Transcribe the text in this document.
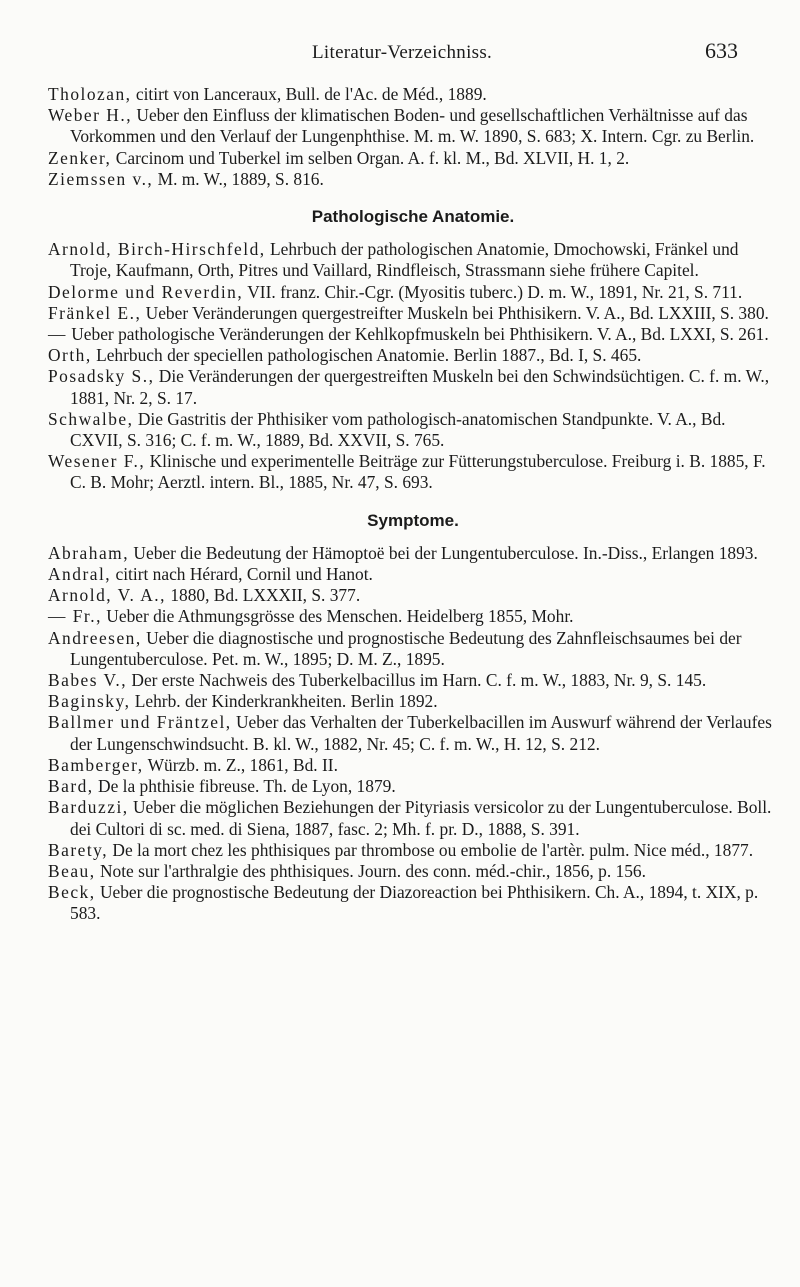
Literatur-Verzeichniss.	633

Tholozan, citirt von Lanceraux, Bull. de l'Ac. de Méd., 1889.

Weber H., Ueber den Einfluss der klimatischen Boden- und gesellschaftlichen Verhältnisse auf das Vorkommen und den Verlauf der Lungenphthise. M. m. W. 1890, S. 683; X. Intern. Cgr. zu Berlin.

Zenker, Carcinom und Tuberkel im selben Organ. A. f. kl. M., Bd. XLVII, H. 1, 2.

Ziemssen v., M. m. W., 1889, S. 816.

Pathologische Anatomie.

Arnold, Birch-Hirschfeld, Lehrbuch der pathologischen Anatomie, Dmochowski, Fränkel und Troje, Kaufmann, Orth, Pitres und Vaillard, Rindfleisch, Strassmann siehe frühere Capitel.

Delorme und Reverdin, VII. franz. Chir.-Cgr. (Myositis tuberc.) D. m. W., 1891, Nr. 21, S. 711.

Fränkel E., Ueber Veränderungen quergestreifter Muskeln bei Phthisikern. V. A., Bd. LXXIII, S. 380.

— Ueber pathologische Veränderungen der Kehlkopfmuskeln bei Phthisikern. V. A., Bd. LXXI, S. 261.

Orth, Lehrbuch der speciellen pathologischen Anatomie. Berlin 1887., Bd. I, S. 465.

Posadsky S., Die Veränderungen der quergestreiften Muskeln bei den Schwindsüchtigen. C. f. m. W., 1881, Nr. 2, S. 17.

Schwalbe, Die Gastritis der Phthisiker vom pathologisch-anatomischen Standpunkte. V. A., Bd. CXVII, S. 316; C. f. m. W., 1889, Bd. XXVII, S. 765.

Wesener F., Klinische und experimentelle Beiträge zur Fütterungstuberculose. Freiburg i. B. 1885, F. C. B. Mohr; Aerztl. intern. Bl., 1885, Nr. 47, S. 693.

Symptome.

Abraham, Ueber die Bedeutung der Hämoptoë bei der Lungentuberculose. In.-Diss., Erlangen 1893.

Andral, citirt nach Hérard, Cornil und Hanot.

Arnold, V. A., 1880, Bd. LXXXII, S. 377.

— Fr., Ueber die Athmungsgrösse des Menschen. Heidelberg 1855, Mohr.

Andreesen, Ueber die diagnostische und prognostische Bedeutung des Zahnfleischsaumes bei der Lungentuberculose. Pet. m. W., 1895; D. M. Z., 1895.

Babes V., Der erste Nachweis des Tuberkelbacillus im Harn. C. f. m. W., 1883, Nr. 9, S. 145.

Baginsky, Lehrb. der Kinderkrankheiten. Berlin 1892.

Ballmer und Fräntzel, Ueber das Verhalten der Tuberkelbacillen im Auswurf während der Verlaufes der Lungenschwindsucht. B. kl. W., 1882, Nr. 45; C. f. m. W., H. 12, S. 212.

Bamberger, Würzb. m. Z., 1861, Bd. II.

Bard, De la phthisie fibreuse. Th. de Lyon, 1879.

Barduzzi, Ueber die möglichen Beziehungen der Pityriasis versicolor zu der Lungentuberculose. Boll. dei Cultori di sc. med. di Siena, 1887, fasc. 2; Mh. f. pr. D., 1888, S. 391.

Barety, De la mort chez les phthisiques par thrombose ou embolie de l'artèr. pulm. Nice méd., 1877.

Beau, Note sur l'arthralgie des phthisiques. Journ. des conn. méd.-chir., 1856, p. 156.

Beck, Ueber die prognostische Bedeutung der Diazoreaction bei Phthisikern. Ch. A., 1894, t. XIX, p. 583.
